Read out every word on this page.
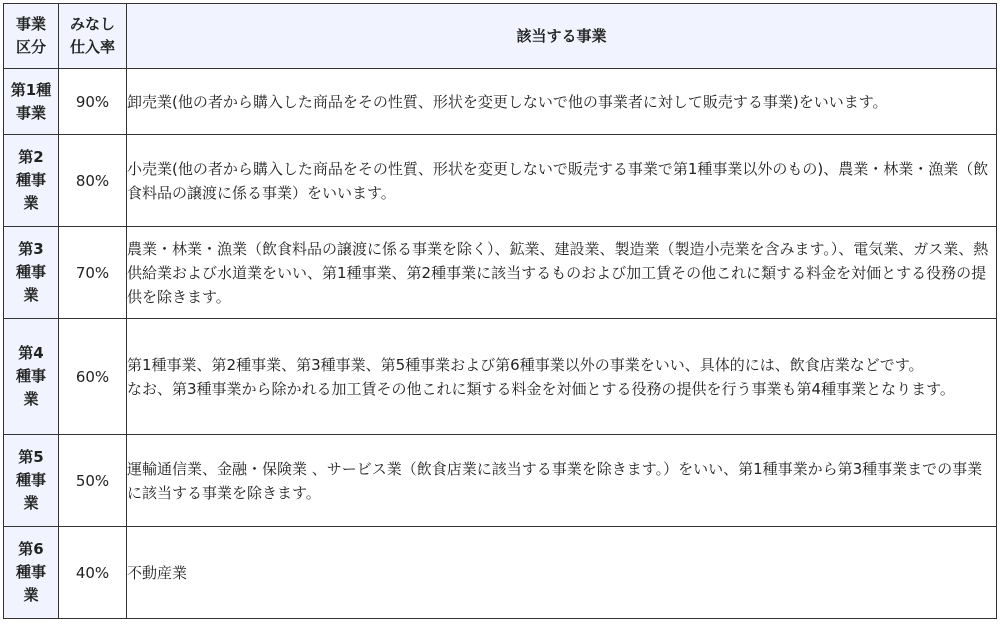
事業区分	みなし仕入率	該当する事業

第1種事業	90%	卸売業(他の者から購入した商品をその性質、形状を変更しないで他の事業者に対して販売する事業)をいいます。

第2種事業	80%	小売業(他の者から購入した商品をその性質、形状を変更しないで販売する事業で第1種事業以外のもの)、農業・林業・漁業（飲食料品の譲渡に係る事業）をいいます。

第3種事業	70%	農業・林業・漁業（飲食料品の譲渡に係る事業を除く）、鉱業、建設業、製造業（製造小売業を含みます。）、電気業、ガス業、熱供給業および水道業をいい、第1種事業、第2種事業に該当するものおよび加工賃その他これに類する料金を対価とする役務の提供を除きます。

第4種事業	60%	第1種事業、第2種事業、第3種事業、第5種事業および第6種事業以外の事業をいい、具体的には、飲食店業などです。

なお、第3種事業から除かれる加工賃その他これに類する料金を対価とする役務の提供を行う事業も第4種事業となります。

第5種事業	50%	運輸通信業、金融・保険業 、サービス業（飲食店業に該当する事業を除きます。）をいい、第1種事業から第3種事業までの事業に該当する事業を除きます。

第6種事業	40%	不動産業
